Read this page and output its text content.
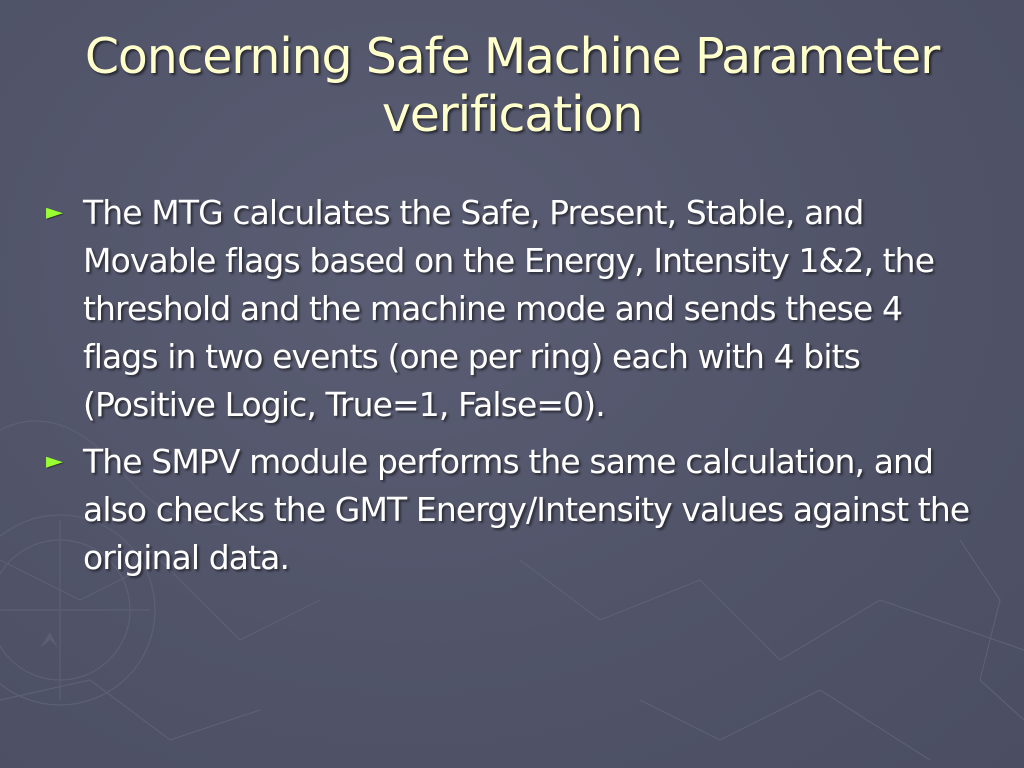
Concerning Safe Machine Parameter
verification
► The MTG calculates the Safe, Present, Stable, and Movable flags based on the Energy, Intensity 1&2, the threshold and the machine mode and sends these 4 flags in two events (one per ring) each with 4 bits (Positive Logic, True=1, False=0).
► The SMPV module performs the same calculation, and also checks the GMT Energy/Intensity values against the original data.
